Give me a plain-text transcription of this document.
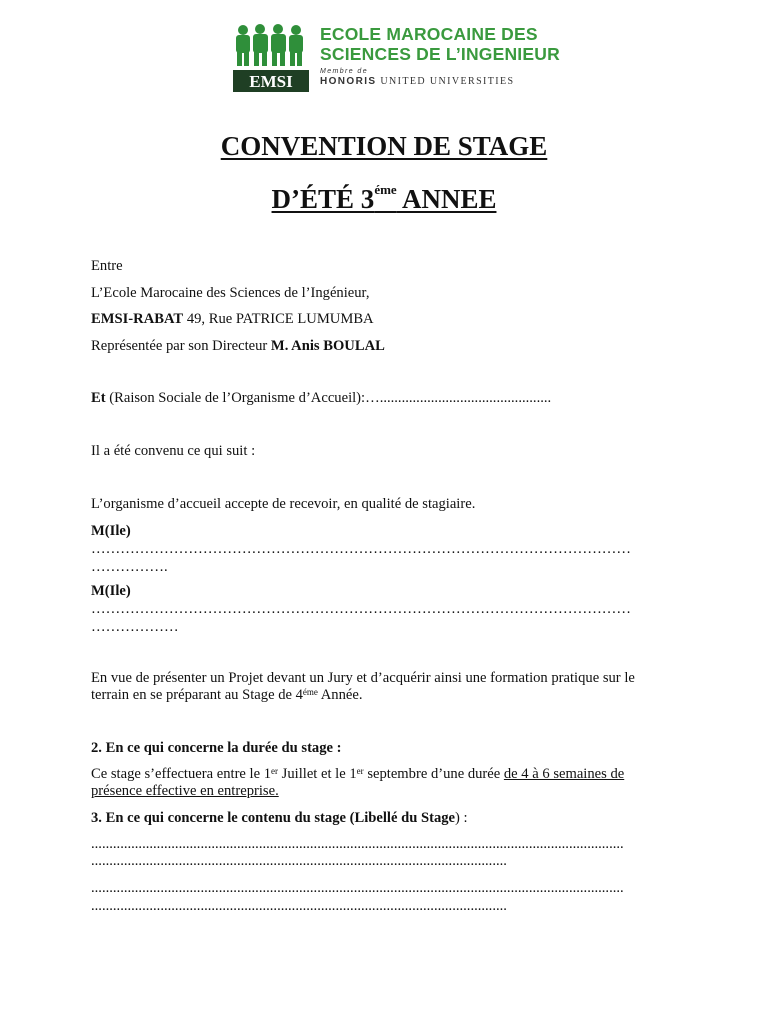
EMSI
ECOLE MAROCAINE DES
SCIENCES DE L’INGENIEUR
Membre de
HONORIS UNITED UNIVERSITIES
CONVENTION DE STAGE
D’ÉTÉ $3^{éme}$ ANNEE
Entre
L’Ecole Marocaine des Sciences de l’Ingénieur,
EMSI-RABAT 49, Rue PATRICE LUMUMBA
Représentée par son Directeur M. Anis BOULAL
Et (Raison Sociale de l’Organisme d’Accueil):…...............................................
Il a été convenu ce qui suit :
L’organisme d’accueil accepte de recevoir, en qualité de stagiaire.
M(Ile)
…………………………………………………………………………………………………
…………….
M(Ile)
…………………………………………………………………………………………………
………………
En vue de présenter un Projet devant un Jury et d’acquérir ainsi une formation pratique sur le
terrain en se préparant au Stage de $4^{éme}$ Année.
2. En ce qui concerne la durée du stage :
Ce stage s’effectuera entre le 1er Juillet et le 1er septembre d’une durée de 4 à 6 semaines de
présence effective en entreprise.
3. En ce qui concerne le contenu du stage (Libellé du Stage) :
..................................................................................................................................................
..................................................................................................................
..................................................................................................................................................
..................................................................................................................
